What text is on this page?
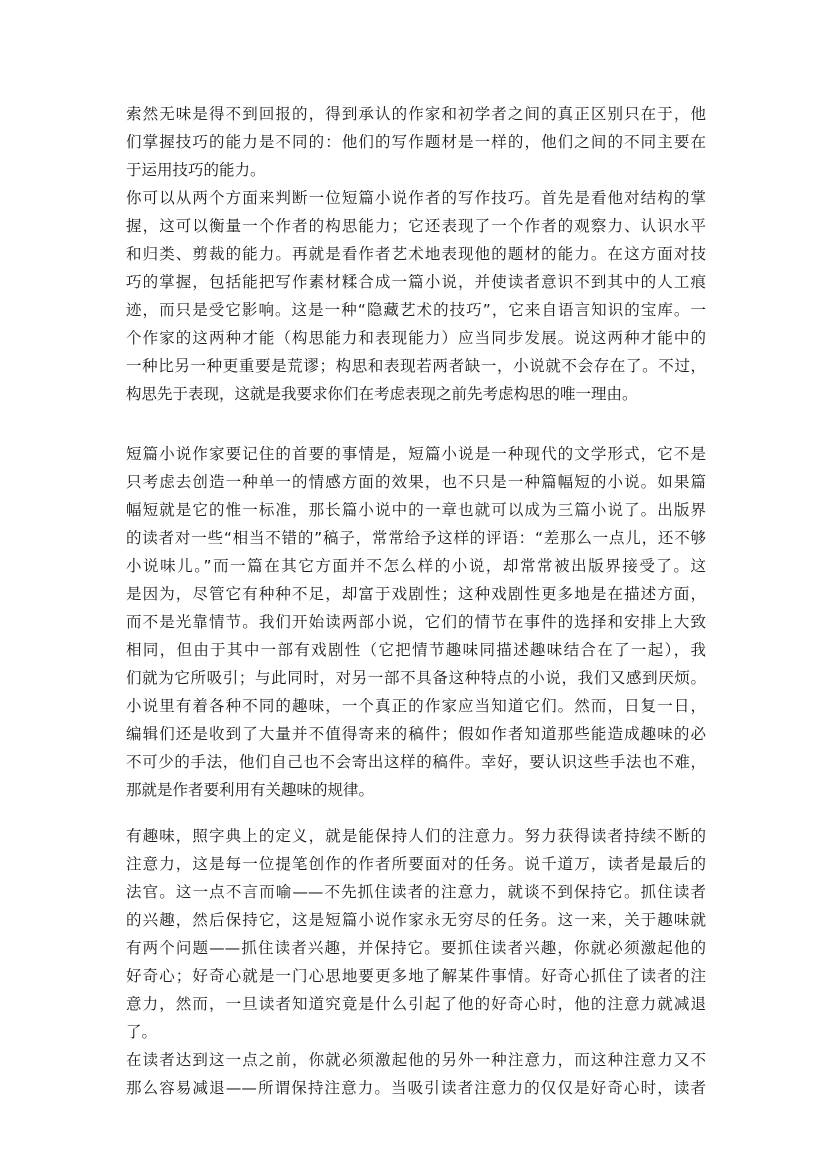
索然无味是得不到回报的，得到承认的作家和初学者之间的真正区别只在于，他
们掌握技巧的能力是不同的：他们的写作题材是一样的，他们之间的不同主要在
于运用技巧的能力。
你可以从两个方面来判断一位短篇小说作者的写作技巧。首先是看他对结构的掌
握，这可以衡量一个作者的构思能力；它还表现了一个作者的观察力、认识水平
和归类、剪裁的能力。再就是看作者艺术地表现他的题材的能力。在这方面对技
巧的掌握，包括能把写作素材糅合成一篇小说，并使读者意识不到其中的人工痕
迹，而只是受它影响。这是一种“隐藏艺术的技巧”，它来自语言知识的宝库。一
个作家的这两种才能（构思能力和表现能力）应当同步发展。说这两种才能中的
一种比另一种更重要是荒谬；构思和表现若两者缺一，小说就不会存在了。不过，
构思先于表现，这就是我要求你们在考虑表现之前先考虑构思的唯一理由。
短篇小说作家要记住的首要的事情是，短篇小说是一种现代的文学形式，它不是
只考虑去创造一种单一的情感方面的效果，也不只是一种篇幅短的小说。如果篇
幅短就是它的惟一标准，那长篇小说中的一章也就可以成为三篇小说了。出版界
的读者对一些“相当不错的”稿子，常常给予这样的评语：“差那么一点儿，还不够
小说味儿。”而一篇在其它方面并不怎么样的小说，却常常被出版界接受了。这
是因为，尽管它有种种不足，却富于戏剧性；这种戏剧性更多地是在描述方面，
而不是光靠情节。我们开始读两部小说，它们的情节在事件的选择和安排上大致
相同，但由于其中一部有戏剧性（它把情节趣味同描述趣味结合在了一起），我
们就为它所吸引；与此同时，对另一部不具备这种特点的小说，我们又感到厌烦。
小说里有着各种不同的趣味，一个真正的作家应当知道它们。然而，日复一日，
编辑们还是收到了大量并不值得寄来的稿件；假如作者知道那些能造成趣味的必
不可少的手法，他们自己也不会寄出这样的稿件。幸好，要认识这些手法也不难，
那就是作者要利用有关趣味的规律。
有趣味，照字典上的定义，就是能保持人们的注意力。努力获得读者持续不断的
注意力，这是每一位提笔创作的作者所要面对的任务。说千道万，读者是最后的
法官。这一点不言而喻——不先抓住读者的注意力，就谈不到保持它。抓住读者
的兴趣，然后保持它，这是短篇小说作家永无穷尽的任务。这一来，关于趣味就
有两个问题——抓住读者兴趣，并保持它。要抓住读者兴趣，你就必须激起他的
好奇心；好奇心就是一门心思地要更多地了解某件事情。好奇心抓住了读者的注
意力，然而，一旦读者知道究竟是什么引起了他的好奇心时，他的注意力就减退
了。
在读者达到这一点之前，你就必须激起他的另外一种注意力，而这种注意力又不
那么容易减退——所谓保持注意力。当吸引读者注意力的仅仅是好奇心时，读者
